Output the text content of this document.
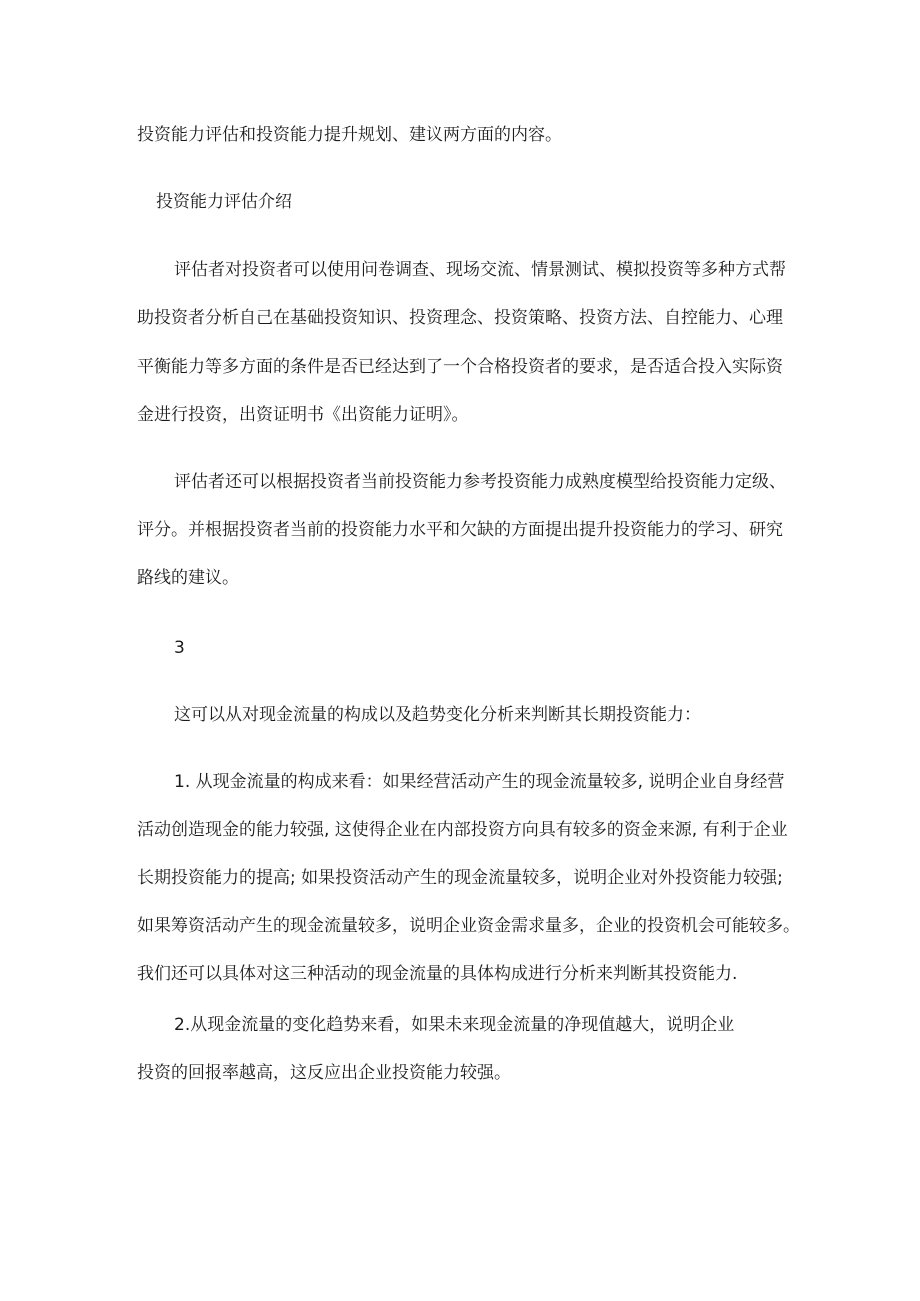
投资能力评估和投资能力提升规划、建议两方面的内容。

投资能力评估介绍

评估者对投资者可以使用问卷调查、现场交流、情景测试、模拟投资等多种方式帮

助投资者分析自己在基础投资知识、投资理念、投资策略、投资方法、自控能力、心理

平衡能力等多方面的条件是否已经达到了一个合格投资者的要求，是否适合投入实际资

金进行投资，出资证明书《出资能力证明》。

评估者还可以根据投资者当前投资能力参考投资能力成熟度模型给投资能力定级、

评分。并根据投资者当前的投资能力水平和欠缺的方面提出提升投资能力的学习、研究

路线的建议。

3

这可以从对现金流量的构成以及趋势变化分析来判断其长期投资能力：

1. 从现金流量的构成来看：如果经营活动产生的现金流量较多, 说明企业自身经营

活动创造现金的能力较强, 这使得企业在内部投资方向具有较多的资金来源, 有利于企业

长期投资能力的提高; 如果投资活动产生的现金流量较多，说明企业对外投资能力较强;

如果筹资活动产生的现金流量较多，说明企业资金需求量多，企业的投资机会可能较多。

我们还可以具体对这三种活动的现金流量的具体构成进行分析来判断其投资能力.

2.从现金流量的变化趋势来看，如果未来现金流量的净现值越大，说明企业

投资的回报率越高，这反应出企业投资能力较强。
